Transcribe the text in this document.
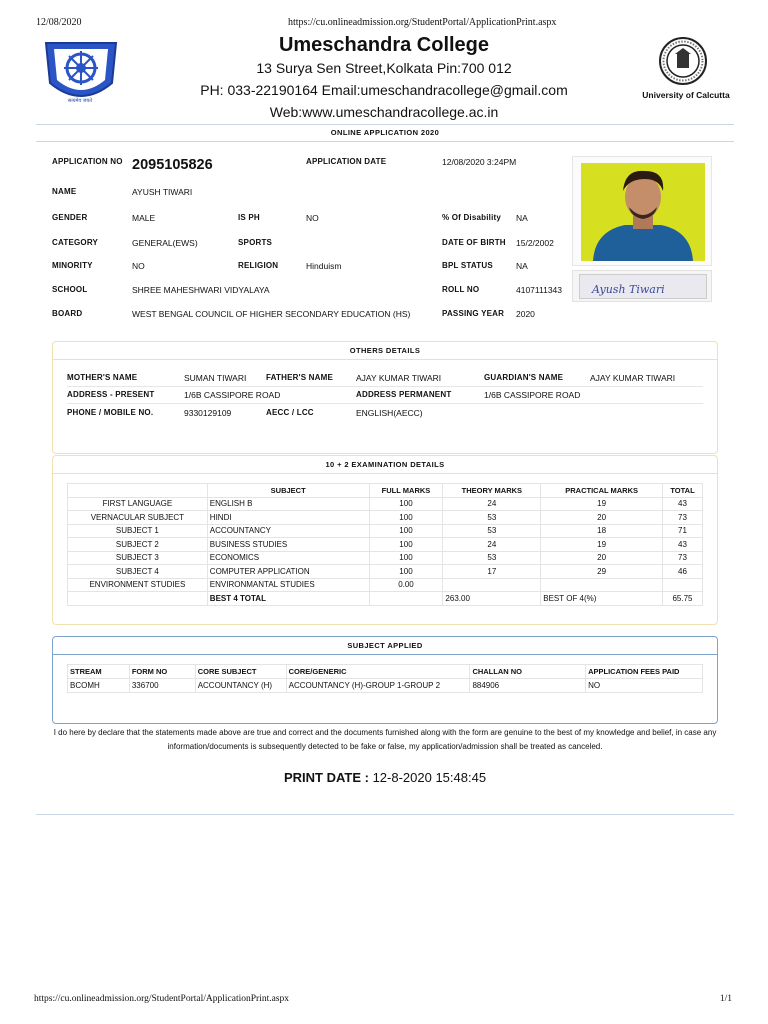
12/08/2020	https://cu.onlineadmission.org/StudentPortal/ApplicationPrint.aspx
सत्यमेव जयते
University of Calcutta
Umeschandra College
13 Surya Sen Street,Kolkata Pin:700 012
PH: 033-22190164 Email:umeschandracollege@gmail.com
Web:www.umeschandracollege.ac.in
ONLINE APPLICATION 2020
APPLICATION NO 2095105826	APPLICATION DATE	12/08/2020 3:24PM
NAME	AYUSH TIWARI
GENDER	MALE	IS PH	NO	% Of Disability NA
CATEGORY	GENERAL(EWS)	SPORTS	DATE OF BIRTH 15/2/2002
MINORITY	NO	RELIGION	Hinduism	BPL STATUS	NA
SCHOOL	SHREE MAHESHWARI VIDYALAYA	ROLL NO	4107111343
BOARD	WEST BENGAL COUNCIL OF HIGHER SECONDARY EDUCATION (HS)	PASSING YEAR 2020
Ayush Tiwari
OTHERS DETAILS
MOTHER'S NAME	SUMAN TIWARI FATHER'S NAME	AJAY KUMAR TIWARI	GUARDIAN'S NAME	AJAY KUMAR TIWARI
ADDRESS - PRESENT	1/6B CASSIPORE ROAD	ADDRESS PERMANENT	1/6B CASSIPORE ROAD
PHONE / MOBILE NO.	9330129109	AECC / LCC	ENGLISH(AECC)
10 + 2 EXAMINATION DETAILS
	SUBJECT	FULL MARKS	THEORY MARKS	PRACTICAL MARKS	TOTAL
FIRST LANGUAGE	ENGLISH B	100	24	19	43
VERNACULAR SUBJECT	HINDI	100	53	20	73
SUBJECT 1	ACCOUNTANCY	100	53	18	71
SUBJECT 2	BUSINESS STUDIES	100	24	19	43
SUBJECT 3	ECONOMICS	100	53	20	73
SUBJECT 4	COMPUTER APPLICATION	100	17	29	46
ENVIRONMENT STUDIES	ENVIRONMANTAL STUDIES	0.00			
	BEST 4 TOTAL		263.00	BEST OF 4(%)	65.75
SUBJECT APPLIED
STREAM	FORM NO	CORE SUBJECT	CORE/GENERIC	CHALLAN NO	APPLICATION FEES PAID
BCOMH	336700	ACCOUNTANCY (H)	ACCOUNTANCY (H)-GROUP 1-GROUP 2	884906	NO
I do here by declare that the statements made above are true and correct and the documents furnished along with the form are genuine to the best of my knowledge and belief, in case any information/documents is subsequently detected to be fake or false, my application/admission shall be treated as canceled.
PRINT DATE : 12-8-2020 15:48:45
https://cu.onlineadmission.org/StudentPortal/ApplicationPrint.aspx	1/1
